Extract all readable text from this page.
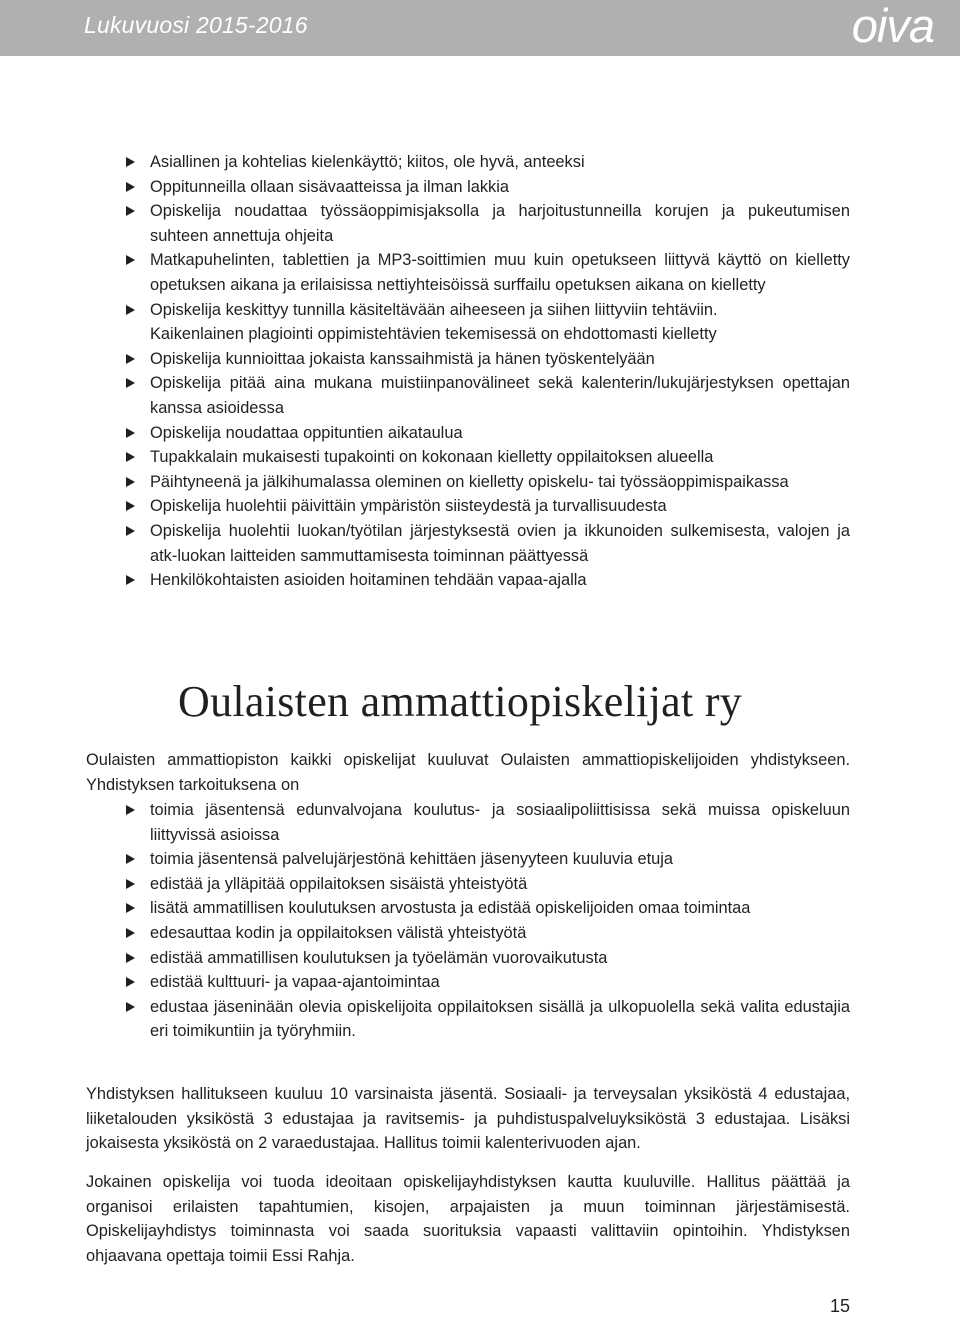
Lukuvuosi 2015-2016	oiva
Asiallinen ja kohtelias kielenkäyttö; kiitos, ole hyvä, anteeksi
Oppitunneilla ollaan sisävaatteissa ja ilman lakkia
Opiskelija noudattaa työssäoppimisjaksolla ja harjoitustunneilla korujen ja pukeutumisen suhteen annettuja ohjeita
Matkapuhelinten, tablettien ja MP3-soittimien muu kuin opetukseen liittyvä käyttö on kielletty opetuksen aikana ja erilaisissa nettiyhteisöissä surffailu opetuksen aikana on kielletty
Opiskelija keskittyy tunnilla käsiteltävään aiheeseen ja siihen liittyviin tehtäviin.
Kaikenlainen plagiointi oppimistehtävien tekemisessä on ehdottomasti kielletty
Opiskelija kunnioittaa jokaista kanssaihmistä ja hänen työskentelyään
Opiskelija pitää aina mukana muistiinpanovälineet sekä kalenterin/lukujärjestyksen opettajan kanssa asioidessa
Opiskelija noudattaa oppituntien aikataulua
Tupakkalain mukaisesti tupakointi on kokonaan kielletty oppilaitoksen alueella
Päihtyneenä ja jälkihumalassa oleminen on kielletty opiskelu- tai työssäoppimispaikassa
Opiskelija huolehtii päivittäin ympäristön siisteydestä ja turvallisuudesta
Opiskelija huolehtii luokan/työtilan järjestyksestä ovien ja ikkunoiden sulkemisesta, valojen ja atk-luokan laitteiden sammuttamisesta toiminnan päättyessä
Henkilökohtaisten asioiden hoitaminen tehdään vapaa-ajalla
Oulaisten ammattiopiskelijat ry

Oulaisten ammattiopiston kaikki opiskelijat kuuluvat Oulaisten ammattiopiskelijoiden yhdistykseen. Yhdistyksen tarkoituksena on

toimia jäsentensä edunvalvojana koulutus- ja sosiaalipoliittisissa sekä muissa opiskeluun liittyvissä asioissa
toimia jäsentensä palvelujärjestönä kehittäen jäsenyyteen kuuluvia etuja
edistää ja ylläpitää oppilaitoksen sisäistä yhteistyötä
lisätä ammatillisen koulutuksen arvostusta ja edistää opiskelijoiden omaa toimintaa
edesauttaa kodin ja oppilaitoksen välistä yhteistyötä
edistää ammatillisen koulutuksen ja työelämän vuorovaikutusta
edistää kulttuuri- ja vapaa-ajantoimintaa
edustaa jäseninään olevia opiskelijoita oppilaitoksen sisällä ja ulkopuolella sekä valita edustajia eri toimikuntiin ja työryhmiin.

Yhdistyksen hallitukseen kuuluu 10 varsinaista jäsentä. Sosiaali- ja terveysalan yksiköstä 4 edustajaa, liiketalouden yksiköstä 3 edustajaa ja ravitsemis- ja puhdistuspalveluyksiköstä 3 edustajaa. Lisäksi jokaisesta yksiköstä on 2 varaedustajaa. Hallitus toimii kalenterivuoden ajan.

Jokainen opiskelija voi tuoda ideoitaan opiskelijayhdistyksen kautta kuuluville. Hallitus päättää ja organisoi erilaisten tapahtumien, kisojen, arpajaisten ja muun toiminnan järjestämisestä. Opiskelijayhdistys toiminnasta voi saada suorituksia vapaasti valittaviin opintoihin. Yhdistyksen ohjaavana opettaja toimii Essi Rahja.

15
